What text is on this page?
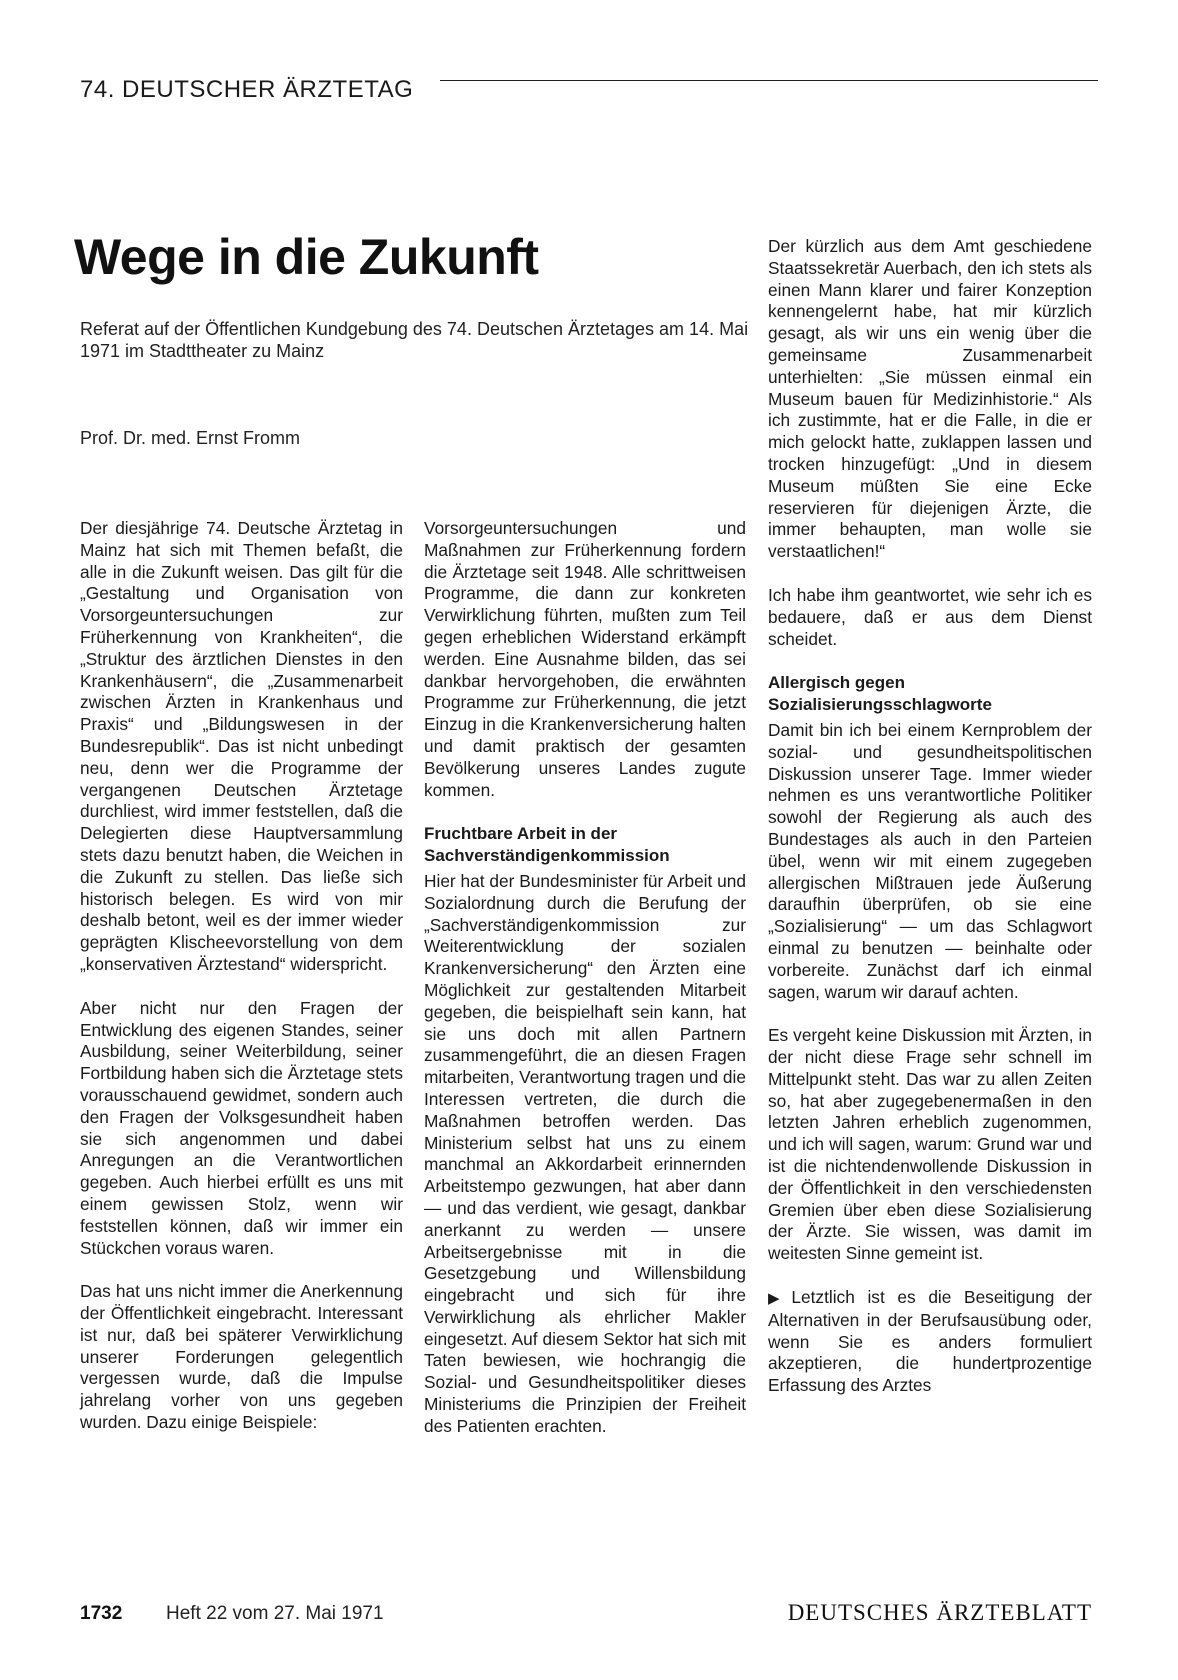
74. DEUTSCHER ÄRZTETAG
Wege in die Zukunft

Referat auf der Öffentlichen Kundgebung des 74. Deutschen Ärztetages am 14. Mai 1971 im Stadttheater zu Mainz

Prof. Dr. med. Ernst Fromm

Der diesjährige 74. Deutsche Ärztetag in Mainz hat sich mit Themen befaßt, die alle in die Zukunft weisen. Das gilt für die „Gestaltung und Organisation von Vorsorgeuntersuchungen zur Früherkennung von Krankheiten“, die „Struktur des ärztlichen Dienstes in den Krankenhäusern“, die „Zusammenarbeit zwischen Ärzten in Krankenhaus und Praxis“ und „Bildungswesen in der Bundesrepublik“. Das ist nicht unbedingt neu, denn wer die Programme der vergangenen Deutschen Ärztetage durchliest, wird immer feststellen, daß die Delegierten diese Hauptversammlung stets dazu benutzt haben, die Weichen in die Zukunft zu stellen. Das ließe sich historisch belegen. Es wird von mir deshalb betont, weil es der immer wieder geprägten Klischeevorstellung von dem „konservativen Ärztestand“ widerspricht.

Aber nicht nur den Fragen der Entwicklung des eigenen Standes, seiner Ausbildung, seiner Weiterbildung, seiner Fortbildung haben sich die Ärztetage stets vorausschauend gewidmet, sondern auch den Fragen der Volksgesundheit haben sie sich angenommen und dabei Anregungen an die Verantwortlichen gegeben. Auch hierbei erfüllt es uns mit einem gewissen Stolz, wenn wir feststellen können, daß wir immer ein Stückchen voraus waren.

Das hat uns nicht immer die Anerkennung der Öffentlichkeit eingebracht. Interessant ist nur, daß bei späterer Verwirklichung unserer Forderungen gelegentlich vergessen wurde, daß die Impulse jahrelang vorher von uns gegeben wurden. Dazu einige Beispiele:

Vorsorgeuntersuchungen und Maßnahmen zur Früherkennung fordern die Ärztetage seit 1948. Alle schrittweisen Programme, die dann zur konkreten Verwirklichung führten, mußten zum Teil gegen erheblichen Widerstand erkämpft werden. Eine Ausnahme bilden, das sei dankbar hervorgehoben, die erwähnten Programme zur Früherkennung, die jetzt Einzug in die Krankenversicherung halten und damit praktisch der gesamten Bevölkerung unseres Landes zugute kommen.

Fruchtbare Arbeit in der Sachverständigenkommission

Hier hat der Bundesminister für Arbeit und Sozialordnung durch die Berufung der „Sachverständigenkommission zur Weiterentwicklung der sozialen Krankenversicherung“ den Ärzten eine Möglichkeit zur gestaltenden Mitarbeit gegeben, die beispielhaft sein kann, hat sie uns doch mit allen Partnern zusammengeführt, die an diesen Fragen mitarbeiten, Verantwortung tragen und die Interessen vertreten, die durch die Maßnahmen betroffen werden. Das Ministerium selbst hat uns zu einem manchmal an Akkordarbeit erinnernden Arbeitstempo gezwungen, hat aber dann — und das verdient, wie gesagt, dankbar anerkannt zu werden — unsere Arbeitsergebnisse mit in die Gesetzgebung und Willensbildung eingebracht und sich für ihre Verwirklichung als ehrlicher Makler eingesetzt. Auf diesem Sektor hat sich mit Taten bewiesen, wie hochrangig die Sozial- und Gesundheitspolitiker dieses Ministeriums die Prinzipien der Freiheit des Patienten erachten.

Der kürzlich aus dem Amt geschiedene Staatssekretär Auerbach, den ich stets als einen Mann klarer und fairer Konzeption kennengelernt habe, hat mir kürzlich gesagt, als wir uns ein wenig über die gemeinsame Zusammenarbeit unterhielten: „Sie müssen einmal ein Museum bauen für Medizinhistorie.“ Als ich zustimmte, hat er die Falle, in die er mich gelockt hatte, zuklappen lassen und trocken hinzugefügt: „Und in diesem Museum müßten Sie eine Ecke reservieren für diejenigen Ärzte, die immer behaupten, man wolle sie verstaatlichen!“

Ich habe ihm geantwortet, wie sehr ich es bedauere, daß er aus dem Dienst scheidet.

Allergisch gegen Sozialisierungsschlagworte

Damit bin ich bei einem Kernproblem der sozial- und gesundheitspolitischen Diskussion unserer Tage. Immer wieder nehmen es uns verantwortliche Politiker sowohl der Regierung als auch des Bundestages als auch in den Parteien übel, wenn wir mit einem zugegeben allergischen Mißtrauen jede Äußerung daraufhin überprüfen, ob sie eine „Sozialisierung“ — um das Schlagwort einmal zu benutzen — beinhalte oder vorbereite. Zunächst darf ich einmal sagen, warum wir darauf achten.

Es vergeht keine Diskussion mit Ärzten, in der nicht diese Frage sehr schnell im Mittelpunkt steht. Das war zu allen Zeiten so, hat aber zugegebenermaßen in den letzten Jahren erheblich zugenommen, und ich will sagen, warum: Grund war und ist die nichtendenwollende Diskussion in der Öffentlichkeit in den verschiedensten Gremien über eben diese Sozialisierung der Ärzte. Sie wissen, was damit im weitesten Sinne gemeint ist.

▶ Letztlich ist es die Beseitigung der Alternativen in der Berufsausübung oder, wenn Sie es anders formuliert akzeptieren, die hundertprozentige Erfassung des Arztes

1732 Heft 22 vom 27. Mai 1971	DEUTSCHES ÄRZTEBLATT
